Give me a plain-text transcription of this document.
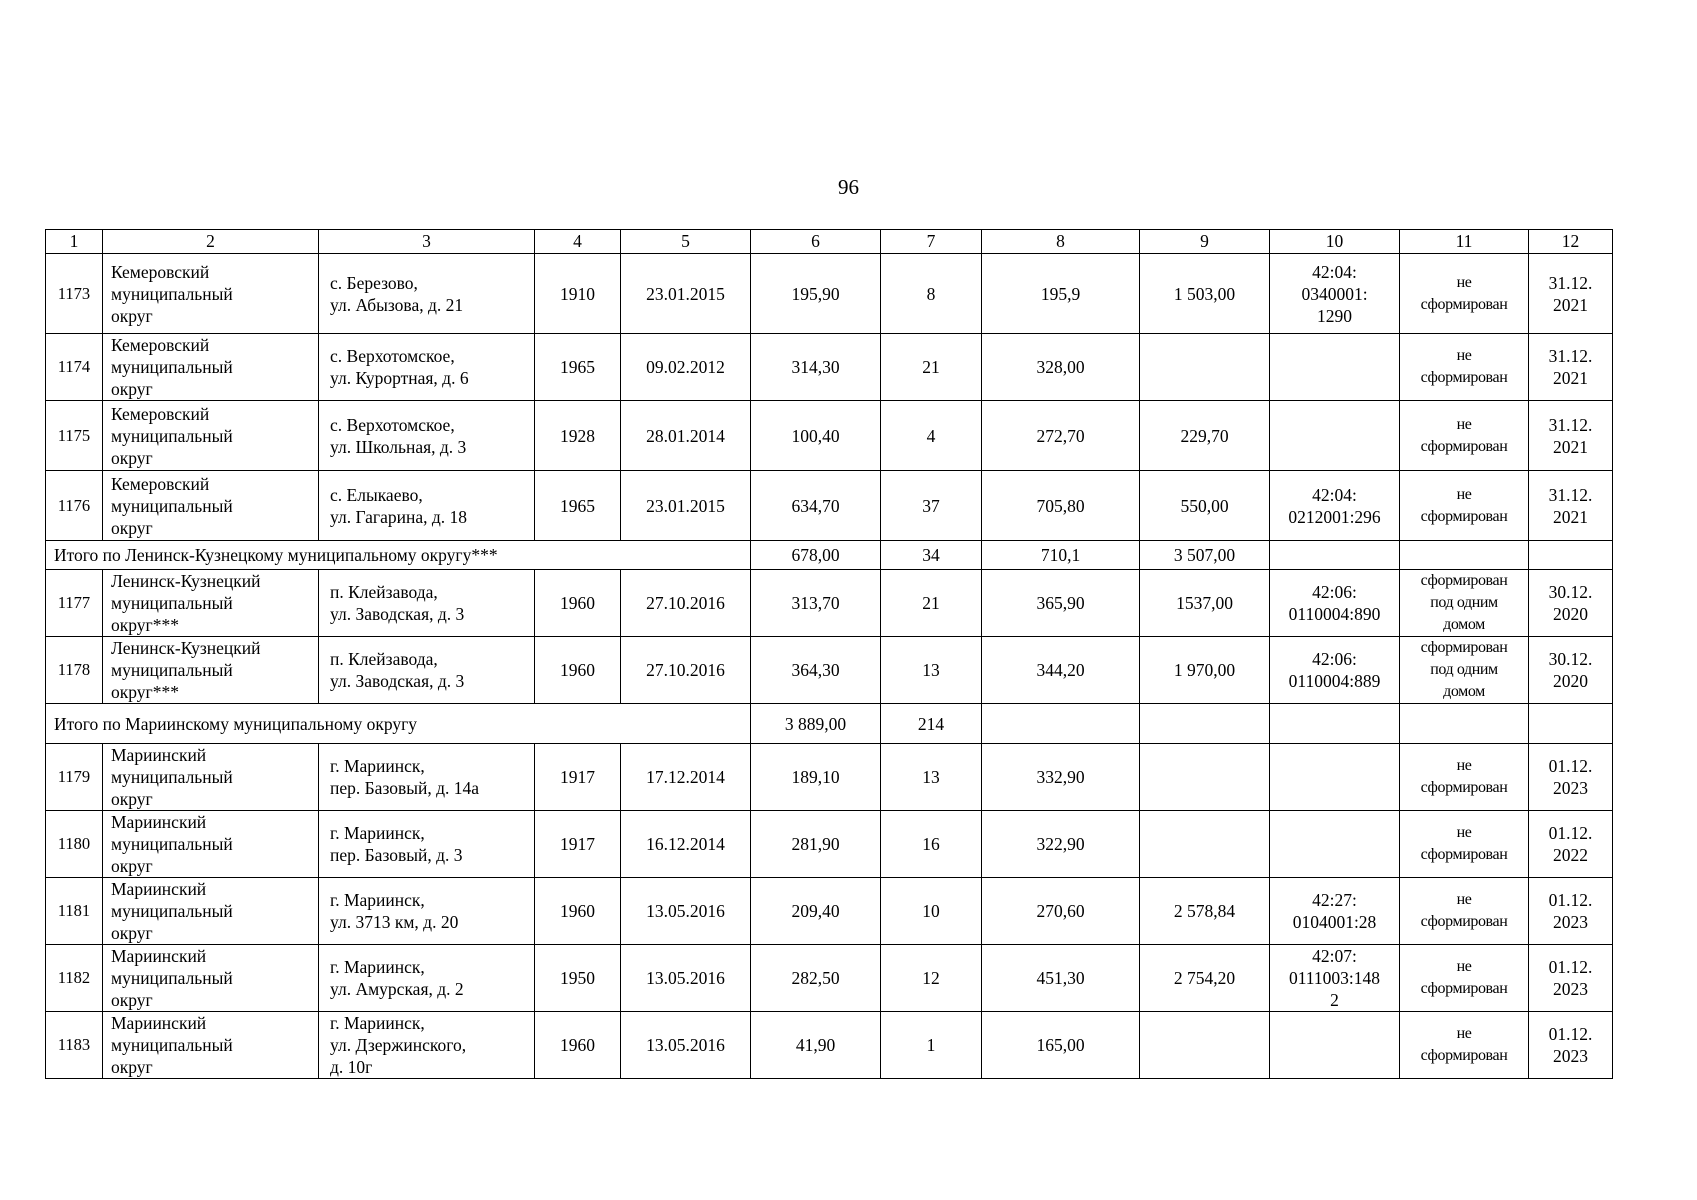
96
1	2	3	4	5	6	7	8	9	10	11	12
1173	Кемеровский
муниципальный
округ	с. Березово,
ул. Абызова, д. 21	1910	23.01.2015	195,90	8	195,9	1 503,00	42:04:
0340001:
1290	не
сформирован	31.12.
2021

1174	Кемеровский
муниципальный
округ	с. Верхотомское,
ул. Курортная, д. 6	1965	09.02.2012	314,30	21	328,00			не
сформирован	31.12.
2021

1175	Кемеровский
муниципальный
округ	с. Верхотомское,
ул. Школьная, д. 3	1928	28.01.2014	100,40	4	272,70	229,70		не
сформирован	31.12.
2021

1176	Кемеровский
муниципальный
округ	с. Елыкаево,
ул. Гагарина, д. 18	1965	23.01.2015	634,70	37	705,80	550,00	42:04:
0212001:296	не
сформирован	31.12.
2021

Итого по Ленинск-Кузнецкому муниципальному округу***					678,00	34	710,1	3 507,00			
1177	Ленинск-Кузнецкий
муниципальный
округ***	п. Клейзавода,
ул. Заводская, д. 3	1960	27.10.2016	313,70	21	365,90	1537,00	42:06:
0110004:890	сформирован
под одним
домом	30.12.
2020

1178	Ленинск-Кузнецкий
муниципальный
округ***	п. Клейзавода,
ул. Заводская, д. 3	1960	27.10.2016	364,30	13	344,20	1 970,00	42:06:
0110004:889	сформирован
под одним
домом	30.12.
2020

Итого по Мариинскому муниципальному округу					3 889,00	214					
1179	Мариинский
муниципальный
округ	г. Мариинск,
пер. Базовый, д. 14а	1917	17.12.2014	189,10	13	332,90			не
сформирован	01.12.
2023

1180	Мариинский
муниципальный
округ	г. Мариинск,
пер. Базовый, д. 3	1917	16.12.2014	281,90	16	322,90			не
сформирован	01.12.
2022

1181	Мариинский
муниципальный
округ	г. Мариинск,
ул. 3713 км, д. 20	1960	13.05.2016	209,40	10	270,60	2 578,84	42:27:
0104001:28	не
сформирован	01.12.
2023

1182	Мариинский
муниципальный
округ	г. Мариинск,
ул. Амурская, д. 2	1950	13.05.2016	282,50	12	451,30	2 754,20	42:07:
0111003:148
2	не
сформирован	01.12.
2023

1183	Мариинский
муниципальный
округ	г. Мариинск,
ул. Дзержинского,
д. 10г	1960	13.05.2016	41,90	1	165,00			не
сформирован	01.12.
2023
